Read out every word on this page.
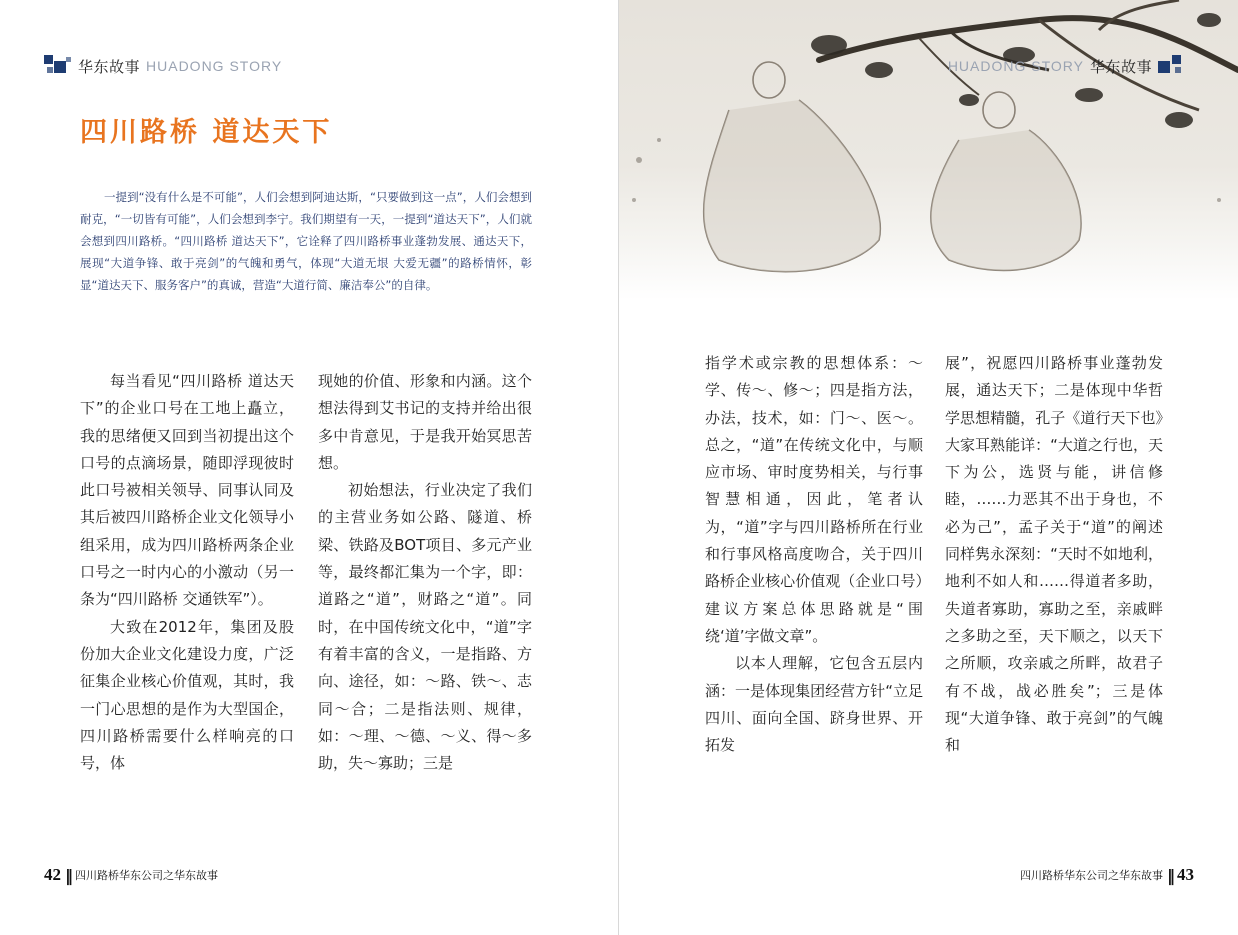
华东故事 HUADONG STORY
四川路桥 道达天下

一提到“没有什么是不可能”，人们会想到阿迪达斯，“只要做到这一点”，人们会想到耐克，“一切皆有可能”，人们会想到李宁。我们期望有一天，一提到“道达天下”，人们就会想到四川路桥。“四川路桥 道达天下”，它诠释了四川路桥事业蓬勃发展、通达天下，展现“大道争锋、敢于亮剑”的气魄和勇气，体现“大道无垠 大爱无疆”的路桥情怀，彰显“道达天下、服务客户”的真诚，营造“大道行简、廉洁奉公”的自律。

每当看见“四川路桥 道达天下”的企业口号在工地上矗立，我的思绪便又回到当初提出这个口号的点滴场景，随即浮现彼时此口号被相关领导、同事认同及其后被四川路桥企业文化领导小组采用，成为四川路桥两条企业口号之一时内心的小激动（另一条为“四川路桥 交通铁军”）。

大致在2012年，集团及股份加大企业文化建设力度，广泛征集企业核心价值观，其时，我一门心思想的是作为大型国企，四川路桥需要什么样响亮的口号，体

现她的价值、形象和内涵。这个想法得到艾书记的支持并给出很多中肯意见，于是我开始冥思苦想。

初始想法，行业决定了我们的主营业务如公路、隧道、桥梁、铁路及BOT项目、多元产业等，最终都汇集为一个字，即：道路之“道”，财路之“道”。同时，在中国传统文化中，“道”字有着丰富的含义，一是指路、方向、途径，如：～路、铁～、志同～合；二是指法则、规律，如：～理、～德、～义、得～多助，失～寡助；三是

42 ‖ 四川路桥华东公司之华东故事
HUADONG STORY 华东故事

指学术或宗教的思想体系：～学、传～、修～；四是指方法，办法，技术，如：门～、医～。总之，“道”在传统文化中，与顺应市场、审时度势相关，与行事智慧相通，因此，笔者认为，“道”字与四川路桥所在行业和行事风格高度吻合，关于四川路桥企业核心价值观（企业口号）建议方案总体思路就是“围绕‘道’字做文章”。

以本人理解，它包含五层内涵：一是体现集团经营方针“立足四川、面向全国、跻身世界、开拓发

展”，祝愿四川路桥事业蓬勃发展，通达天下；二是体现中华哲学思想精髓，孔子《道行天下也》大家耳熟能详：“大道之行也，天下为公，选贤与能，讲信修睦，……力恶其不出于身也，不必为己”，孟子关于“道”的阐述同样隽永深刻：“天时不如地利，地利不如人和……得道者多助，失道者寡助，寡助之至，亲戚畔之多助之至，天下顺之，以天下之所顺，攻亲戚之所畔，故君子有不战，战必胜矣”；三是体现“大道争锋、敢于亮剑”的气魄和

四川路桥华东公司之华东故事 ‖ 43
